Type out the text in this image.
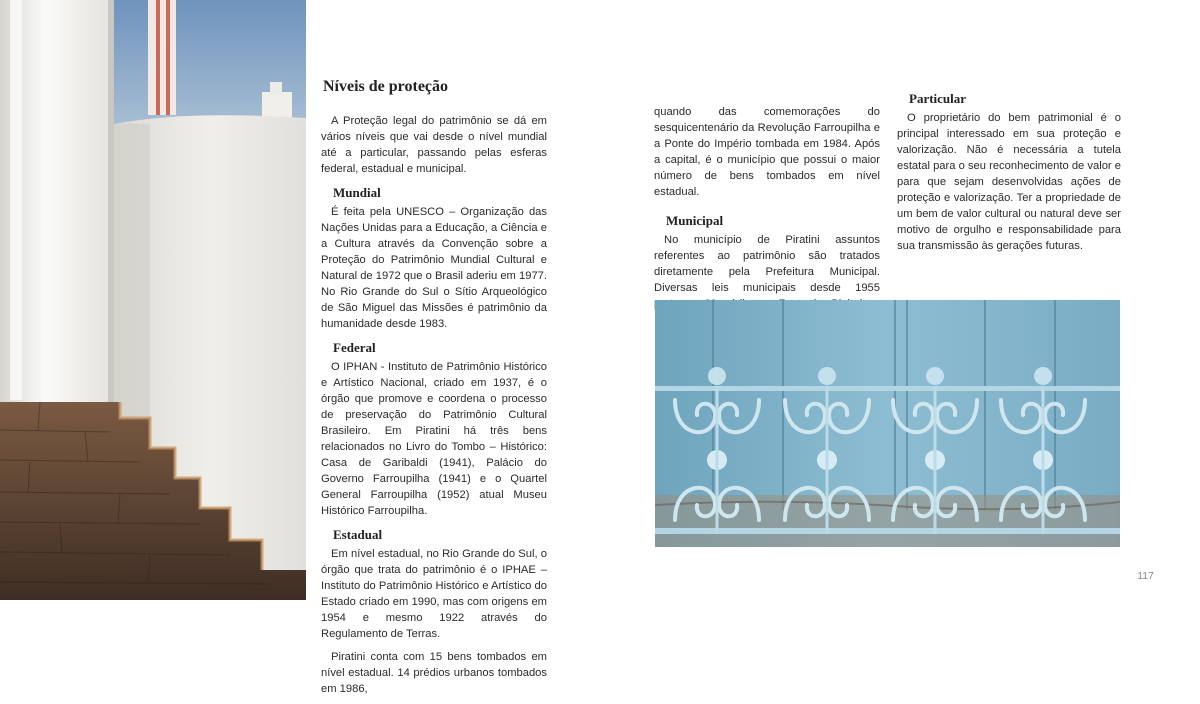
Níveis de proteção

A Proteção legal do patrimônio se dá em vários níveis que vai desde o nível mundial até a particular, passando pelas esferas federal, estadual e municipal.

Mundial

É feita pela UNESCO – Organização das Nações Unidas para a Educação, a Ciência e a Cultura através da Convenção sobre a Proteção do Patrimônio Mundial Cultural e Natural de 1972 que o Brasil aderiu em 1977. No Rio Grande do Sul o Sítio Arqueológico de São Miguel das Missões é patrimônio da humanidade desde 1983.

Federal

O IPHAN - Instituto de Patrimônio Histórico e Artístico Nacional, criado em 1937, é o órgão que promove e coordena o processo de preservação do Patrimônio Cultural Brasileiro. Em Piratini há três bens relacionados no Livro do Tombo – Histórico: Casa de Garibaldi (1941), Palácio do Governo Farroupilha (1941) e o Quartel General Farroupilha (1952) atual Museu Histórico Farroupilha.

Estadual

Em nível estadual, no Rio Grande do Sul, o órgão que trata do patrimônio é o IPHAE – Instituto do Patrimônio Histórico e Artístico do Estado criado em 1990, mas com origens em 1954 e mesmo 1922 através do Regulamento de Terras.

Piratini conta com 15 bens tombados em nível estadual. 14 prédios urbanos tombados em 1986,

quando das comemorações do sesquicentenário da Revolução Farroupilha e a Ponte do Império tombada em 1984. Após a capital, é o município que possui o maior número de bens tombados em nível estadual.

Municipal

No município de Piratini assuntos referentes ao patrimônio são tratados diretamente pela Prefeitura Municipal. Diversas leis municipais desde 1955

Particular

O proprietário do bem patrimonial é o principal interessado em sua proteção e valorização. Não é necessária a tutela estatal para o seu reconhecimento de valor e para que sejam desenvolvidas ações de proteção e valorização. Ter a propriedade de um bem de valor cultural ou natural deve ser motivo de orgulho e responsabilidade para sua transmissão às gerações futuras.

117
